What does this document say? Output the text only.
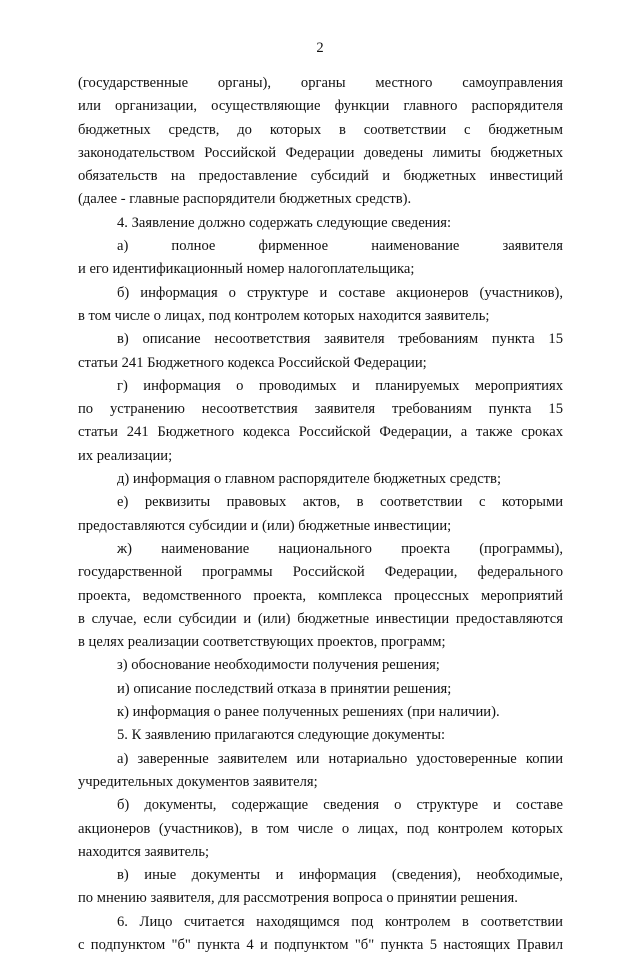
2
(государственные органы), органы местного самоуправления
или организации, осуществляющие функции главного распорядителя
бюджетных средств, до которых в соответствии с бюджетным
законодательством Российской Федерации доведены лимиты бюджетных
обязательств на предоставление субсидий и бюджетных инвестиций
(далее - главные распорядители бюджетных средств).
4. Заявление должно содержать следующие сведения:
а) полное фирменное наименование заявителя
и его идентификационный номер налогоплательщика;
б) информация о структуре и составе акционеров (участников),
в том числе о лицах, под контролем которых находится заявитель;
в) описание несоответствия заявителя требованиям пункта 15
статьи 241 Бюджетного кодекса Российской Федерации;
г) информация о проводимых и планируемых мероприятиях
по устранению несоответствия заявителя требованиям пункта 15
статьи 241 Бюджетного кодекса Российской Федерации, а также сроках
их реализации;
д) информация о главном распорядителе бюджетных средств;
е) реквизиты правовых актов, в соответствии с которыми
предоставляются субсидии и (или) бюджетные инвестиции;
ж) наименование национального проекта (программы),
государственной программы Российской Федерации, федерального
проекта, ведомственного проекта, комплекса процессных мероприятий
в случае, если субсидии и (или) бюджетные инвестиции предоставляются
в целях реализации соответствующих проектов, программ;
з) обоснование необходимости получения решения;
и) описание последствий отказа в принятии решения;
к) информация о ранее полученных решениях (при наличии).
5. К заявлению прилагаются следующие документы:
а) заверенные заявителем или нотариально удостоверенные копии
учредительных документов заявителя;
б) документы, содержащие сведения о структуре и составе
акционеров (участников), в том числе о лицах, под контролем которых
находится заявитель;
в) иные документы и информация (сведения), необходимые,
по мнению заявителя, для рассмотрения вопроса о принятии решения.
6. Лицо считается находящимся под контролем в соответствии
с подпунктом "б" пункта 4 и подпунктом "б" пункта 5 настоящих Правил
